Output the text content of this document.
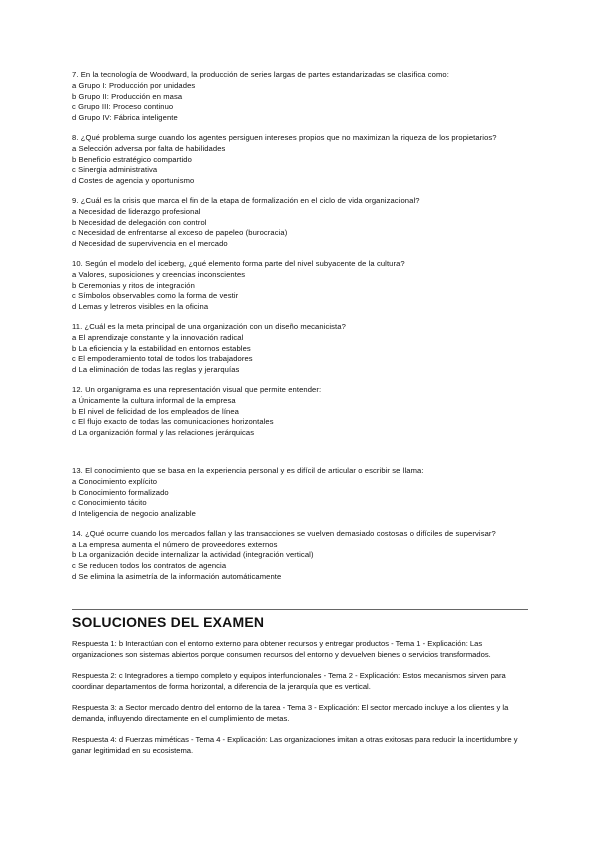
7. En la tecnología de Woodward, la producción de series largas de partes estandarizadas se clasifica como:

a Grupo I: Producción por unidades

b Grupo II: Producción en masa

c Grupo III: Proceso continuo

d Grupo IV: Fábrica inteligente

8. ¿Qué problema surge cuando los agentes persiguen intereses propios que no maximizan la riqueza de los propietarios?

a Selección adversa por falta de habilidades

b Beneficio estratégico compartido

c Sinergia administrativa

d Costes de agencia y oportunismo

9. ¿Cuál es la crisis que marca el fin de la etapa de formalización en el ciclo de vida organizacional?

a Necesidad de liderazgo profesional

b Necesidad de delegación con control

c Necesidad de enfrentarse al exceso de papeleo (burocracia)

d Necesidad de supervivencia en el mercado

10. Según el modelo del iceberg, ¿qué elemento forma parte del nivel subyacente de la cultura?

a Valores, suposiciones y creencias inconscientes

b Ceremonias y ritos de integración

c Símbolos observables como la forma de vestir

d Lemas y letreros visibles en la oficina

11. ¿Cuál es la meta principal de una organización con un diseño mecanicista?

a El aprendizaje constante y la innovación radical

b La eficiencia y la estabilidad en entornos estables

c El empoderamiento total de todos los trabajadores

d La eliminación de todas las reglas y jerarquías

12. Un organigrama es una representación visual que permite entender:

a Únicamente la cultura informal de la empresa

b El nivel de felicidad de los empleados de línea

c El flujo exacto de todas las comunicaciones horizontales

d La organización formal y las relaciones jerárquicas

13. El conocimiento que se basa en la experiencia personal y es difícil de articular o escribir se llama:

a Conocimiento explícito

b Conocimiento formalizado

c Conocimiento tácito

d Inteligencia de negocio analizable

14. ¿Qué ocurre cuando los mercados fallan y las transacciones se vuelven demasiado costosas o difíciles de supervisar?

a La empresa aumenta el número de proveedores externos

b La organización decide internalizar la actividad (integración vertical)

c Se reducen todos los contratos de agencia

d Se elimina la asimetría de la información automáticamente

SOLUCIONES DEL EXAMEN

Respuesta 1: b Interactúan con el entorno externo para obtener recursos y entregar productos - Tema 1 - Explicación: Las organizaciones son sistemas abiertos porque consumen recursos del entorno y devuelven bienes o servicios transformados.

Respuesta 2: c Integradores a tiempo completo y equipos interfuncionales - Tema 2 - Explicación: Estos mecanismos sirven para coordinar departamentos de forma horizontal, a diferencia de la jerarquía que es vertical.

Respuesta 3: a Sector mercado dentro del entorno de la tarea - Tema 3 - Explicación: El sector mercado incluye a los clientes y la demanda, influyendo directamente en el cumplimiento de metas.

Respuesta 4: d Fuerzas miméticas - Tema 4 - Explicación: Las organizaciones imitan a otras exitosas para reducir la incertidumbre y ganar legitimidad en su ecosistema.
